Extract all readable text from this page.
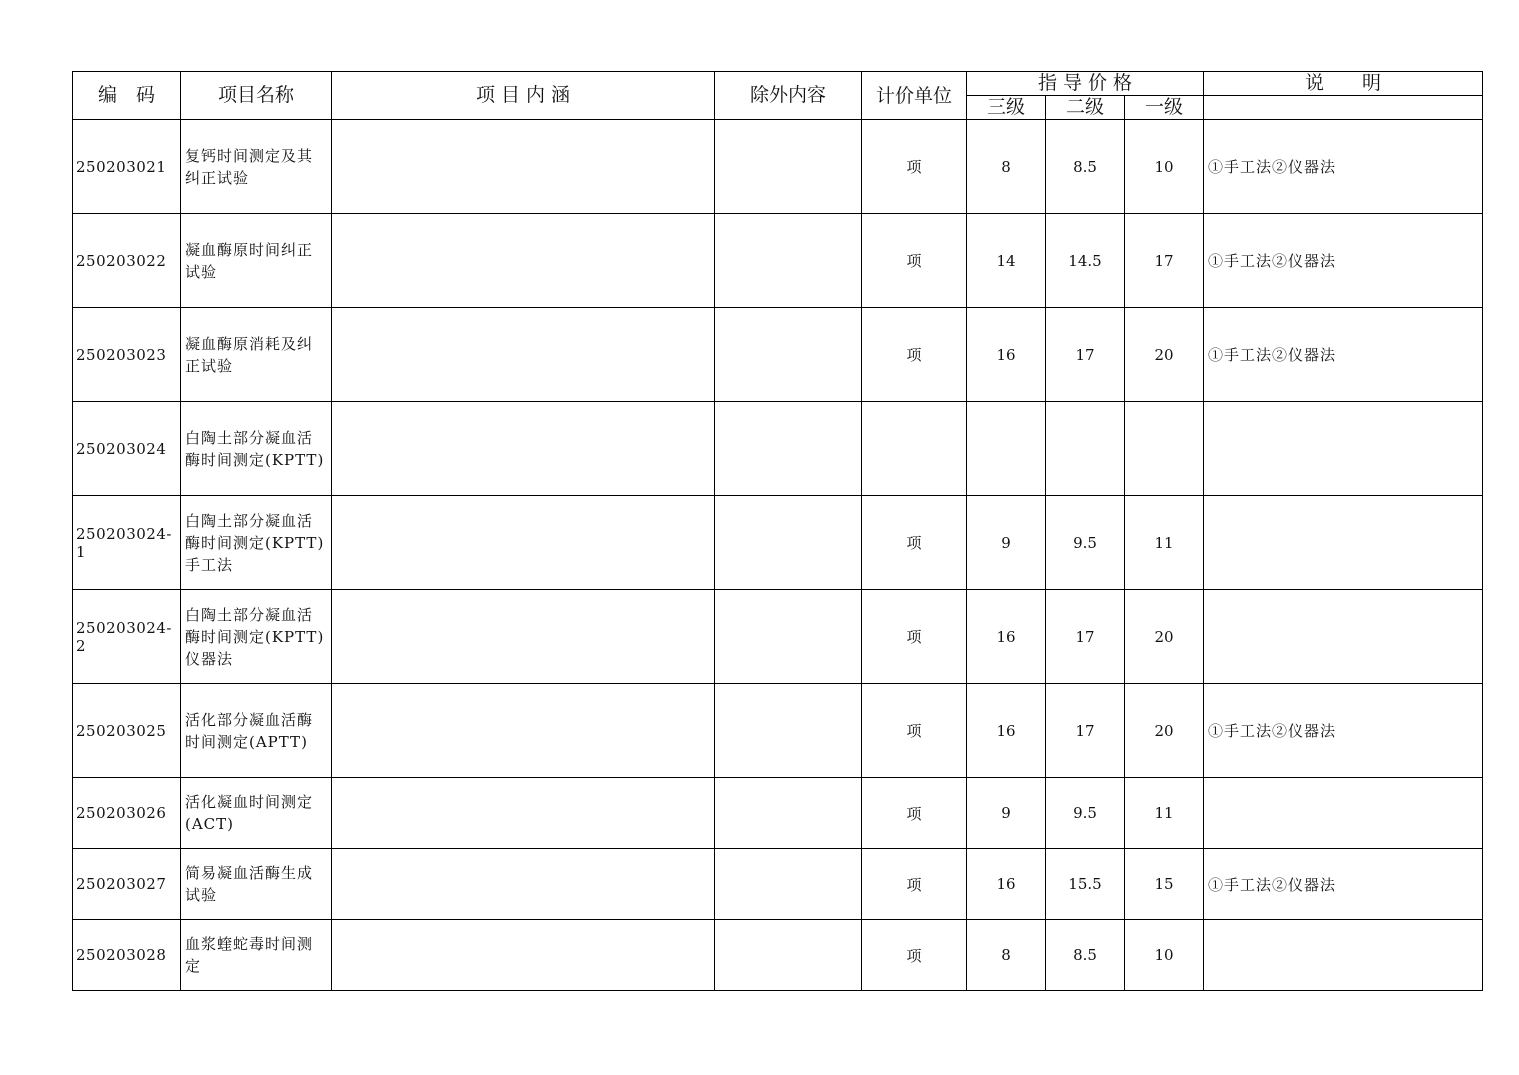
编　码	项目名称	项 目 内 涵	除外内容	计价单位	指 导 价 格			说　　明
					三级	二级	一级	
250203021	复钙时间测定及其纠正试验			项	8	8.5	10	①手工法②仪器法
250203022	凝血酶原时间纠正试验			项	14	14.5	17	①手工法②仪器法
250203023	凝血酶原消耗及纠正试验			项	16	17	20	①手工法②仪器法
250203024	白陶土部分凝血活酶时间测定(KPTT)							
250203024-1	白陶土部分凝血活酶时间测定(KPTT)手工法			项	9	9.5	11	
250203024-2	白陶土部分凝血活酶时间测定(KPTT)仪器法			项	16	17	20	
250203025	活化部分凝血活酶时间测定(APTT)			项	16	17	20	①手工法②仪器法
250203026	活化凝血时间测定(ACT)			项	9	9.5	11	
250203027	简易凝血活酶生成试验			项	16	15.5	15	①手工法②仪器法
250203028	血浆蝰蛇毒时间测定			项	8	8.5	10	
